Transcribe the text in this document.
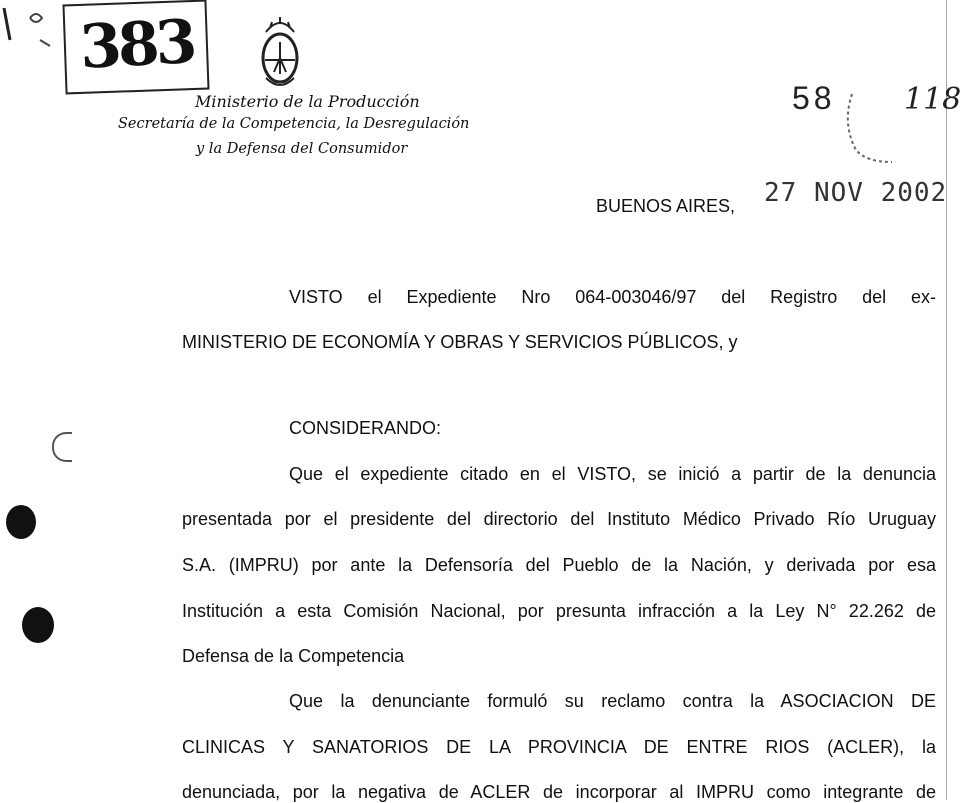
383
Ministerio de la Producción
Secretaría de la Competencia, la Desregulación
y la Defensa del Consumidor
58 118
BUENOS AIRES, 27 NOV 2002
VISTO el Expediente Nro 064-003046/97 del Registro del ex-
MINISTERIO DE ECONOMÍA Y OBRAS Y SERVICIOS PÚBLICOS, y
CONSIDERANDO:
Que el expediente citado en el VISTO, se inició a partir de la denuncia
presentada por el presidente del directorio del Instituto Médico Privado Río Uruguay
S.A. (IMPRU) por ante la Defensoría del Pueblo de la Nación, y derivada por esa
Institución a esta Comisión Nacional, por presunta infracción a la Ley N° 22.262 de
Defensa de la Competencia
Que la denunciante formuló su reclamo contra la ASOCIACION DE
CLINICAS Y SANATORIOS DE LA PROVINCIA DE ENTRE RIOS (ACLER), la
denunciada, por la negativa de ACLER de incorporar al IMPRU como integrante de
